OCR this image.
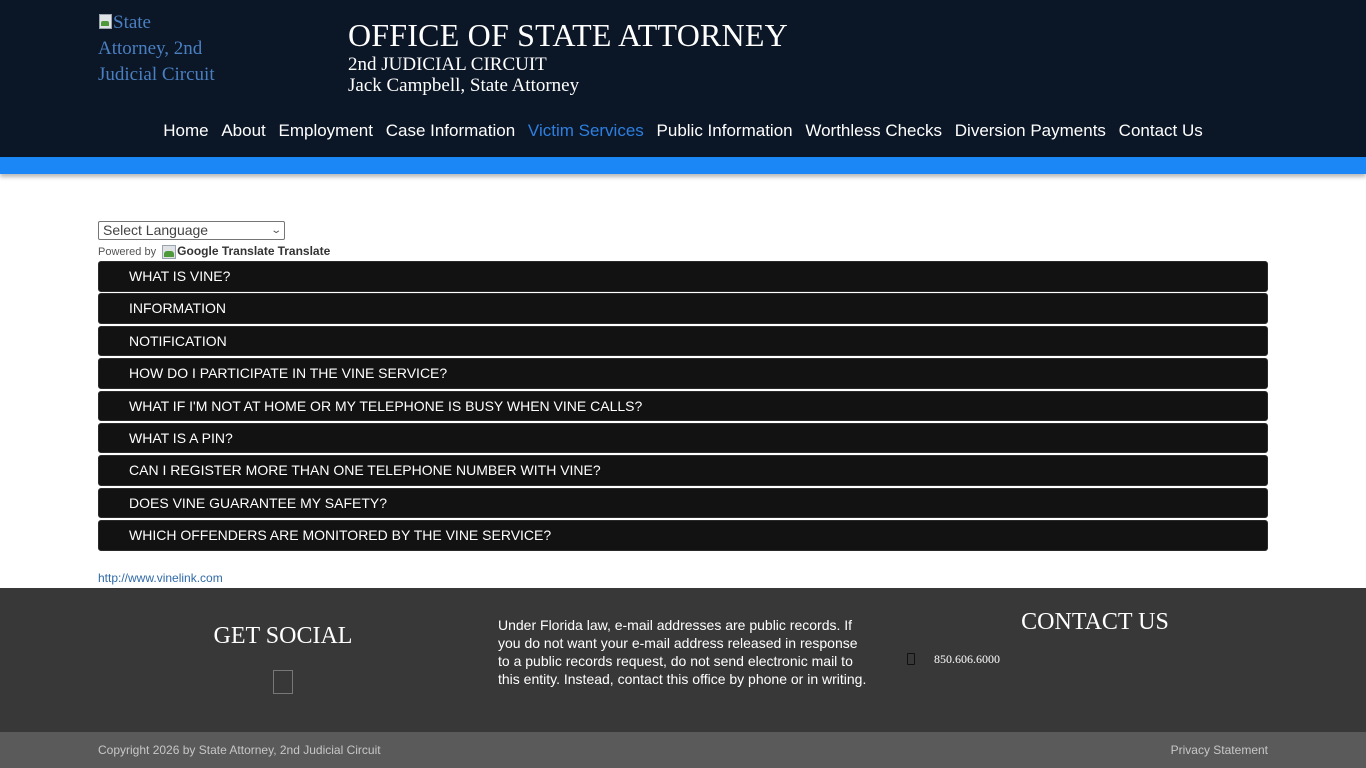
State
Attorney, 2nd
Judicial Circuit
OFFICE OF STATE ATTORNEY
2nd JUDICIAL CIRCUIT
Jack Campbell, State Attorney
Home About Employment Case Information Victim Services Public Information Worthless Checks Diversion Payments Contact Us
Select Language	⌄
Powered by Google Translate Translate
WHAT IS VINE?
INFORMATION
NOTIFICATION
HOW DO I PARTICIPATE IN THE VINE SERVICE?
WHAT IF I'M NOT AT HOME OR MY TELEPHONE IS BUSY WHEN VINE CALLS?
WHAT IS A PIN?
CAN I REGISTER MORE THAN ONE TELEPHONE NUMBER WITH VINE?
DOES VINE GUARANTEE MY SAFETY?
WHICH OFFENDERS ARE MONITORED BY THE VINE SERVICE?
http://www.vinelink.com
GET SOCIAL	Under Florida law, e-mail addresses are public records. If you do not want your e-mail address released in response to a public records request, do not send electronic mail to this entity. Instead, contact this office by phone or in writing.
CONTACT US
850.606.6000
Copyright 2026 by State Attorney, 2nd Judicial Circuit	Privacy Statement
